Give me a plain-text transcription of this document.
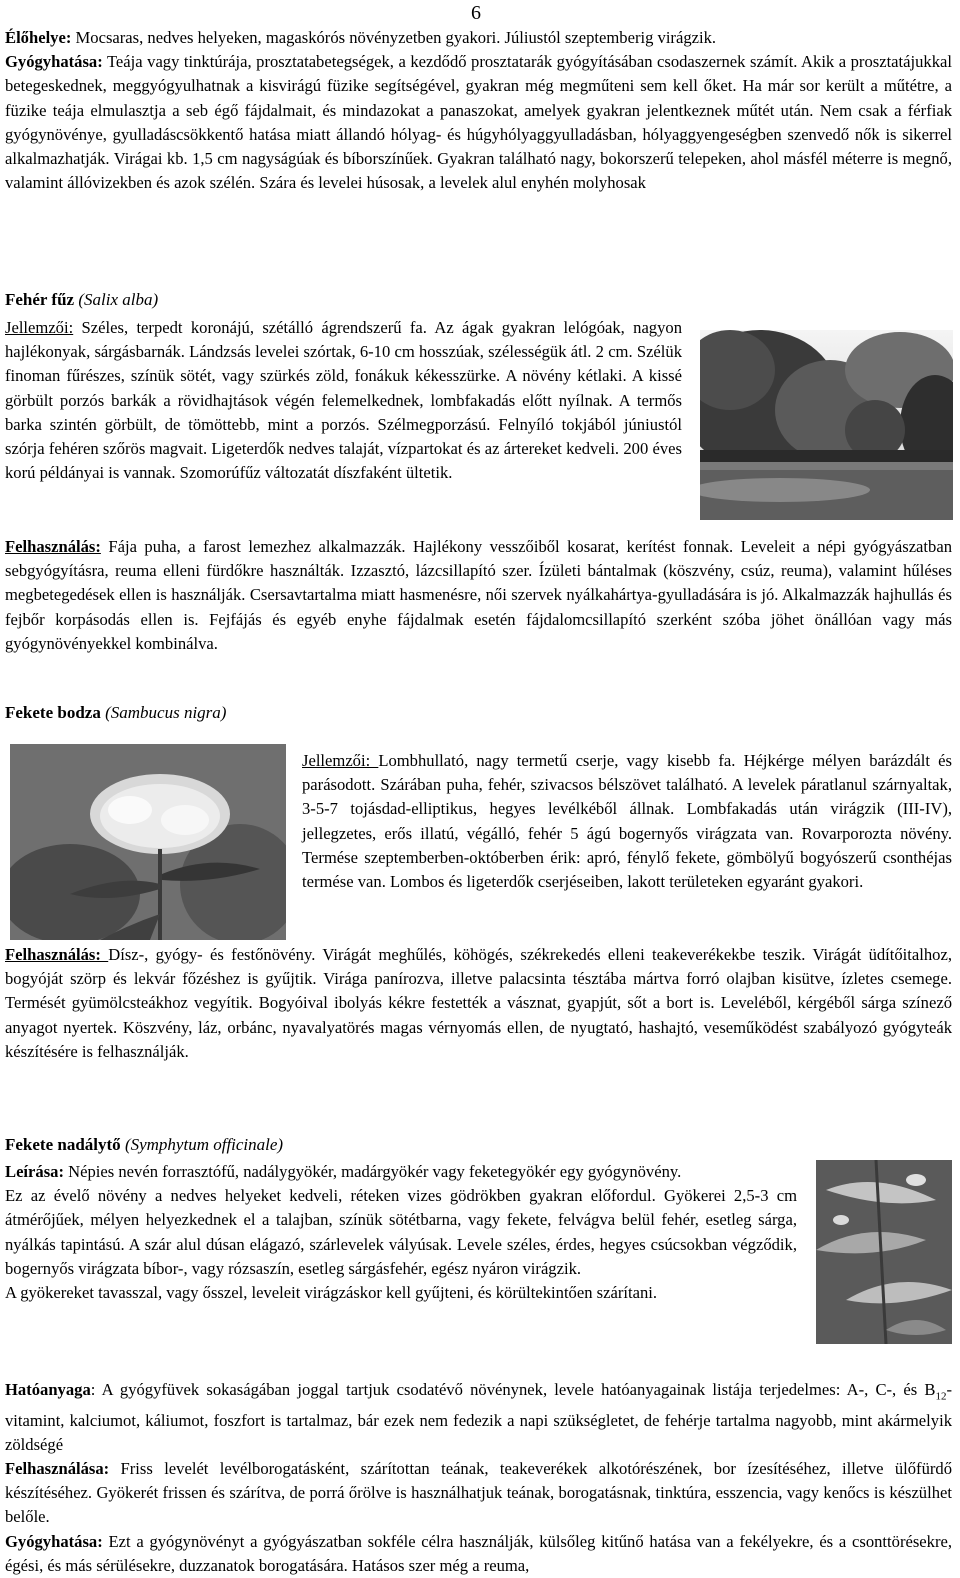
6

Élőhelye: Mocsaras, nedves helyeken, magaskórós növényzetben gyakori. Júliustól szeptemberig virágzik.

Gyógyhatása: Teája vagy tinktúrája, prosztatabetegségek, a kezdődő prosztatarák gyógyításában csodaszernek számít. Akik a prosztatájukkal betegeskednek, meggyógyulhatnak a kisvirágú füzike segítségével, gyakran még megműteni sem kell őket. Ha már sor került a műtétre, a füzike teája elmulasztja a seb égő fájdalmait, és mindazokat a panaszokat, amelyek gyakran jelentkeznek műtét után. Nem csak a férfiak gyógynövénye, gyulladáscsökkentő hatása miatt állandó hólyag- és húgyhólyaggyulladásban, hólyaggyengeségben szenvedő nők is sikerrel alkalmazhatják. Virágai kb. 1,5 cm nagyságúak és bíborszínűek. Gyakran található nagy, bokorszerű telepeken, ahol másfél méterre is megnő, valamint állóvizekben és azok szélén. Szára és levelei húsosak, a levelek alul enyhén molyhosak

Fehér fűz (Salix alba)

Jellemzői: Széles, terpedt koronájú, szétálló ágrendszerű fa. Az ágak gyakran lelógóak, nagyon hajlékonyak, sárgásbarnák. Lándzsás levelei szórtak, 6-10 cm hosszúak, szélességük átl. 2 cm. Szélük finoman fűrészes, színük sötét, vagy szürkés zöld, fonákuk kékesszürke. A növény kétlaki. A kissé görbült porzós barkák a rövidhajtások végén felemelkednek, lombfakadás előtt nyílnak. A termős barka szintén görbült, de tömöttebb, mint a porzós. Szélmegporzású. Felnyíló tokjából júniustól szórja fehéren szőrös magvait. Ligeterdők nedves talaját, vízpartokat és az ártereket kedveli. 200 éves korú példányai is vannak. Szomorúfűz változatát díszfaként ültetik.

Felhasználás: Fája puha, a farost lemezhez alkalmazzák. Hajlékony vesszőiből kosarat, kerítést fonnak. Leveleit a népi gyógyászatban sebgyógyításra, reuma elleni fürdőkre használták. Izzasztó, lázcsillapító szer. Ízületi bántalmak (köszvény, csúz, reuma), valamint hűléses megbetegedések ellen is használják. Csersavtartalma miatt hasmenésre, női szervek nyálkahártya-gyulladására is jó. Alkalmazzák hajhullás és fejbőr korpásodás ellen is. Fejfájás és egyéb enyhe fájdalmak esetén fájdalomcsillapító szerként szóba jöhet önállóan vagy más gyógynövényekkel kombinálva.

Fekete bodza (Sambucus nigra)

Jellemzői: Lombhullató, nagy termetű cserje, vagy kisebb fa. Héjkérge mélyen barázdált és parásodott. Szárában puha, fehér, szivacsos bélszövet található. A levelek páratlanul szárnyaltak, 3-5-7 tojásdad-elliptikus, hegyes levélkéből állnak. Lombfakadás után virágzik (III-IV), jellegzetes, erős illatú, végálló, fehér 5 ágú bogernyős virágzata van. Rovarporozta növény. Termése szeptemberben-októberben érik: apró, fénylő fekete, gömbölyű bogyószerű csonthéjas termése van. Lombos és ligeterdők cserjéseiben, lakott területeken egyaránt gyakori.

Felhasználás: Dísz-, gyógy- és festőnövény. Virágát meghűlés, köhögés, székrekedés elleni teakeverékekbe teszik. Virágát üdítőitalhoz, bogyóját szörp és lekvár főzéshez is gyűjtik. Virága panírozva, illetve palacsinta tésztába mártva forró olajban kisütve, ízletes csemege. Termését gyümölcsteákhoz vegyítik. Bogyóival ibolyás kékre festették a vásznat, gyapjút, sőt a bort is. Leveléből, kérgéből sárga színező anyagot nyertek. Köszvény, láz, orbánc, nyavalyatörés magas vérnyomás ellen, de nyugtató, hashajtó, veseműködést szabályozó gyógyteák készítésére is felhasználják.

Fekete nadálytő (Symphytum officinale)

Leírása: Népies nevén forrasztófű, nadálygyökér, madárgyökér vagy feketegyökér egy gyógynövény.

Ez az évelő növény a nedves helyeket kedveli, réteken vizes gödrökben gyakran előfordul. Gyökerei 2,5-3 cm átmérőjűek, mélyen helyezkednek el a talajban, színük sötétbarna, vagy fekete, felvágva belül fehér, esetleg sárga, nyálkás tapintású. A szár alul dúsan elágazó, szárlevelek vályúsak. Levele széles, érdes, hegyes csúcsokban végződik, bogernyős virágzata bíbor-, vagy rózsaszín, esetleg sárgásfehér, egész nyáron virágzik.

A gyökereket tavasszal, vagy ősszel, leveleit virágzáskor kell gyűjteni, és körültekintően szárítani.

Hatóanyaga: A gyógyfüvek sokaságában joggal tartjuk csodatévő növénynek, levele hatóanyagainak listája terjedelmes: A-, C-, és $B_{12}$-vitamint, kalciumot, káliumot, foszfort is tartalmaz, bár ezek nem fedezik a napi szükségletet, de fehérje tartalma nagyobb, mint akármelyik zöldségé

Felhasználása: Friss levelét levélborogatásként, szárítottan teának, teakeverékek alkotórészének, bor ízesítéséhez, illetve ülőfürdő készítéséhez. Gyökerét frissen és szárítva, de porrá őrölve is használhatjuk teának, borogatásnak, tinktúra, esszencia, vagy kenőcs is készülhet belőle.

Gyógyhatása: Ezt a gyógynövényt a gyógyászatban sokféle célra használják, külsőleg kitűnő hatása van a fekélyekre, és a csonttörésekre, égési, és más sérülésekre, duzzanatok borogatására. Hatásos szer még a reuma,
